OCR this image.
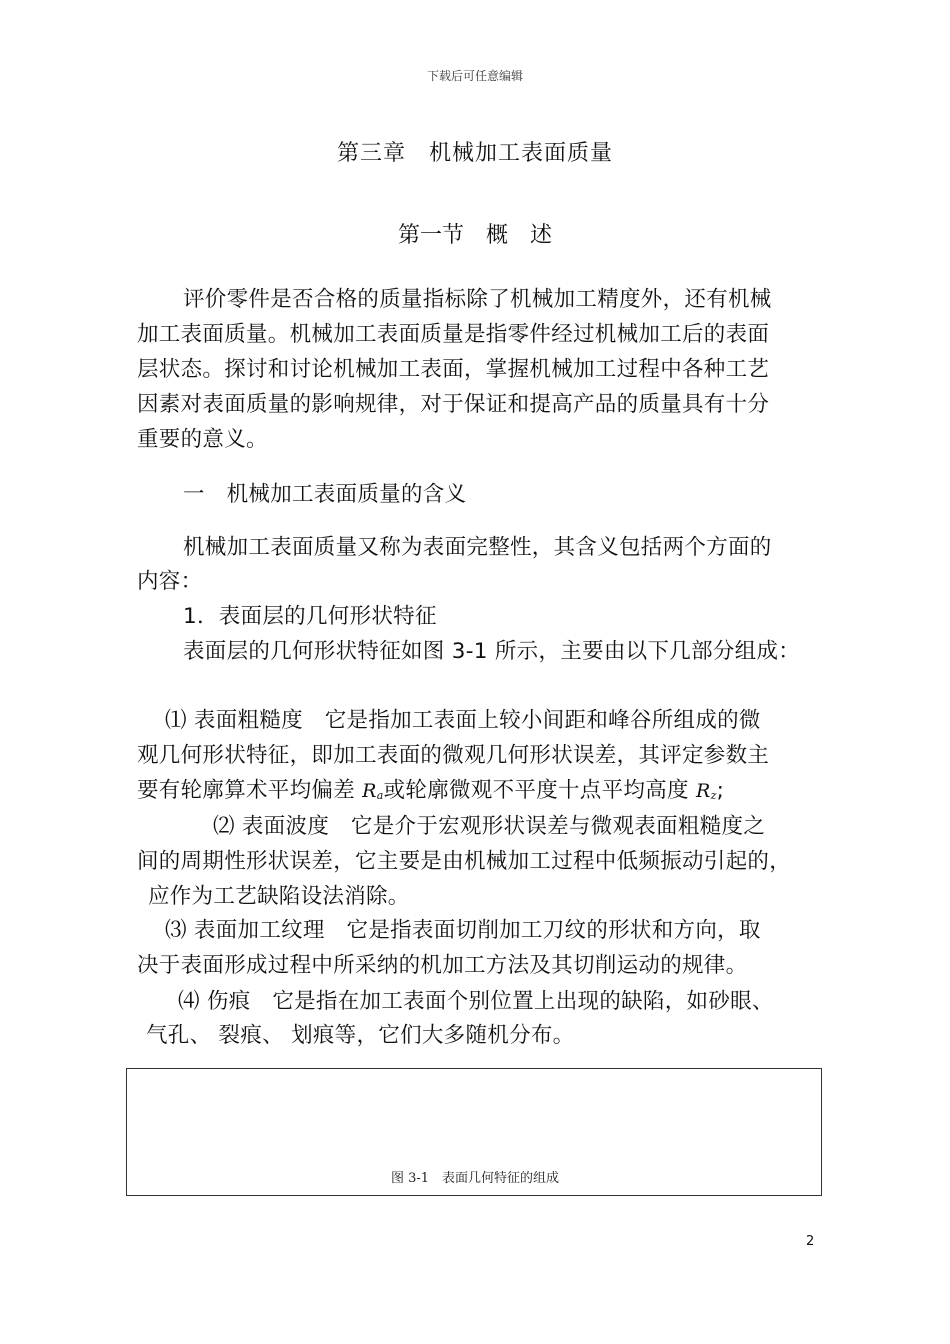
下载后可任意编辑
第三章　机械加工表面质量
第一节　概　述

评价零件是否合格的质量指标除了机械加工精度外，还有机械

加工表面质量。机械加工表面质量是指零件经过机械加工后的表面

层状态。探讨和讨论机械加工表面，掌握机械加工过程中各种工艺

因素对表面质量的影响规律，对于保证和提高产品的质量具有十分

重要的意义。

一　机械加工表面质量的含义

机械加工表面质量又称为表面完整性，其含义包括两个方面的

内容：

1．表面层的几何形状特征

表面层的几何形状特征如图 3-1 所示，主要由以下几部分组成：

⑴ 表面粗糙度　它是指加工表面上较小间距和峰谷所组成的微

观几何形状特征，即加工表面的微观几何形状误差，其评定参数主

要有轮廓算术平均偏差 $R_a$或轮廓微观不平度十点平均高度 $R_z$;

⑵ 表面波度　它是介于宏观形状误差与微观表面粗糙度之

间的周期性形状误差，它主要是由机械加工过程中低频振动引起的，

应作为工艺缺陷设法消除。

⑶ 表面加工纹理　它是指表面切削加工刀纹的形状和方向，取

决于表面形成过程中所采纳的机加工方法及其切削运动的规律。

⑷ 伤痕　它是指在加工表面个别位置上出现的缺陷，如砂眼、

气孔、 裂痕、 划痕等，它们大多随机分布。

图 3-1　表面几何特征的组成
2
